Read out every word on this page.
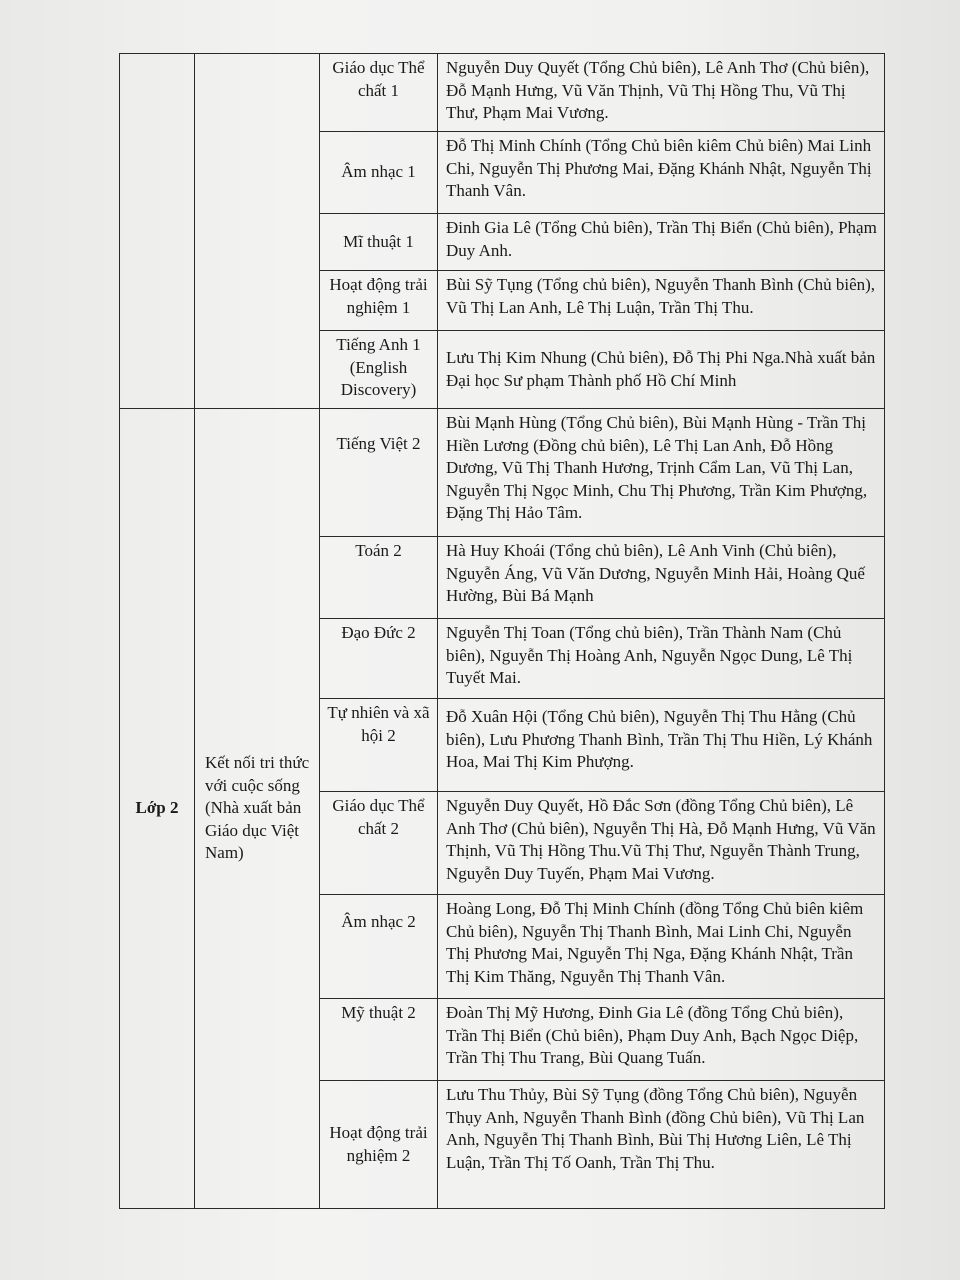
		Giáo dục Thể chất 1	Nguyễn Duy Quyết (Tổng Chủ biên), Lê Anh Thơ (Chủ biên), Đỗ Mạnh Hưng, Vũ Văn Thịnh, Vũ Thị Hồng Thu, Vũ Thị Thư, Phạm Mai Vương.
		Âm nhạc 1	Đỗ Thị Minh Chính (Tổng Chủ biên kiêm Chủ biên) Mai Linh Chi, Nguyễn Thị Phương Mai, Đặng Khánh Nhật, Nguyễn Thị Thanh Vân.
		Mĩ thuật 1	Đinh Gia Lê (Tổng Chủ biên), Trần Thị Biển (Chủ biên), Phạm Duy Anh.
		Hoạt động trải nghiệm 1	Bùi Sỹ Tụng (Tổng chủ biên), Nguyễn Thanh Bình (Chủ biên), Vũ Thị Lan Anh, Lê Thị Luận, Trần Thị Thu.
		Tiếng Anh 1 (English Discovery)	Lưu Thị Kim Nhung (Chủ biên), Đỗ Thị Phi Nga.Nhà xuất bản Đại học Sư phạm Thành phố Hồ Chí Minh
Lớp 2	Kết nối tri thức với cuộc sống (Nhà xuất bản Giáo dục Việt Nam)	Tiếng Việt 2	Bùi Mạnh Hùng (Tổng Chủ biên), Bùi Mạnh Hùng - Trần Thị Hiền Lương (Đồng chủ biên), Lê Thị Lan Anh, Đỗ Hồng Dương, Vũ Thị Thanh Hương, Trịnh Cẩm Lan, Vũ Thị Lan, Nguyễn Thị Ngọc Minh, Chu Thị Phương, Trần Kim Phượng, Đặng Thị Hảo Tâm.
		Toán 2	Hà Huy Khoái (Tổng chủ biên), Lê Anh Vinh (Chủ biên), Nguyễn Áng, Vũ Văn Dương, Nguyễn Minh Hải, Hoàng Quế Hường, Bùi Bá Mạnh
		Đạo Đức 2	Nguyễn Thị Toan (Tổng chủ biên), Trần Thành Nam (Chủ biên), Nguyễn Thị Hoàng Anh, Nguyễn Ngọc Dung, Lê Thị Tuyết Mai.
		Tự nhiên và xã hội 2	Đỗ Xuân Hội (Tổng Chủ biên), Nguyễn Thị Thu Hằng (Chủ biên), Lưu Phương Thanh Bình, Trần Thị Thu Hiền, Lý Khánh Hoa, Mai Thị Kim Phượng.
		Giáo dục Thể chất 2	Nguyễn Duy Quyết, Hồ Đắc Sơn (đồng Tổng Chủ biên), Lê Anh Thơ (Chủ biên), Nguyễn Thị Hà, Đỗ Mạnh Hưng, Vũ Văn Thịnh, Vũ Thị Hồng Thu.Vũ Thị Thư, Nguyễn Thành Trung, Nguyễn Duy Tuyến, Phạm Mai Vương.
		Âm nhạc 2	Hoàng Long, Đỗ Thị Minh Chính (đồng Tổng Chủ biên kiêm Chủ biên), Nguyễn Thị Thanh Bình, Mai Linh Chi, Nguyễn Thị Phương Mai, Nguyễn Thị Nga, Đặng Khánh Nhật, Trần Thị Kim Thăng, Nguyễn Thị Thanh Vân.
		Mỹ thuật 2	Đoàn Thị Mỹ Hương, Đinh Gia Lê (đồng Tổng Chủ biên), Trần Thị Biển (Chủ biên), Phạm Duy Anh, Bạch Ngọc Diệp, Trần Thị Thu Trang, Bùi Quang Tuấn.
		Hoạt động trải nghiệm 2	Lưu Thu Thủy, Bùi Sỹ Tụng (đồng Tổng Chủ biên), Nguyễn Thụy Anh, Nguyễn Thanh Bình (đồng Chủ biên), Vũ Thị Lan Anh, Nguyễn Thị Thanh Bình, Bùi Thị Hương Liên, Lê Thị Luận, Trần Thị Tố Oanh, Trần Thị Thu.
